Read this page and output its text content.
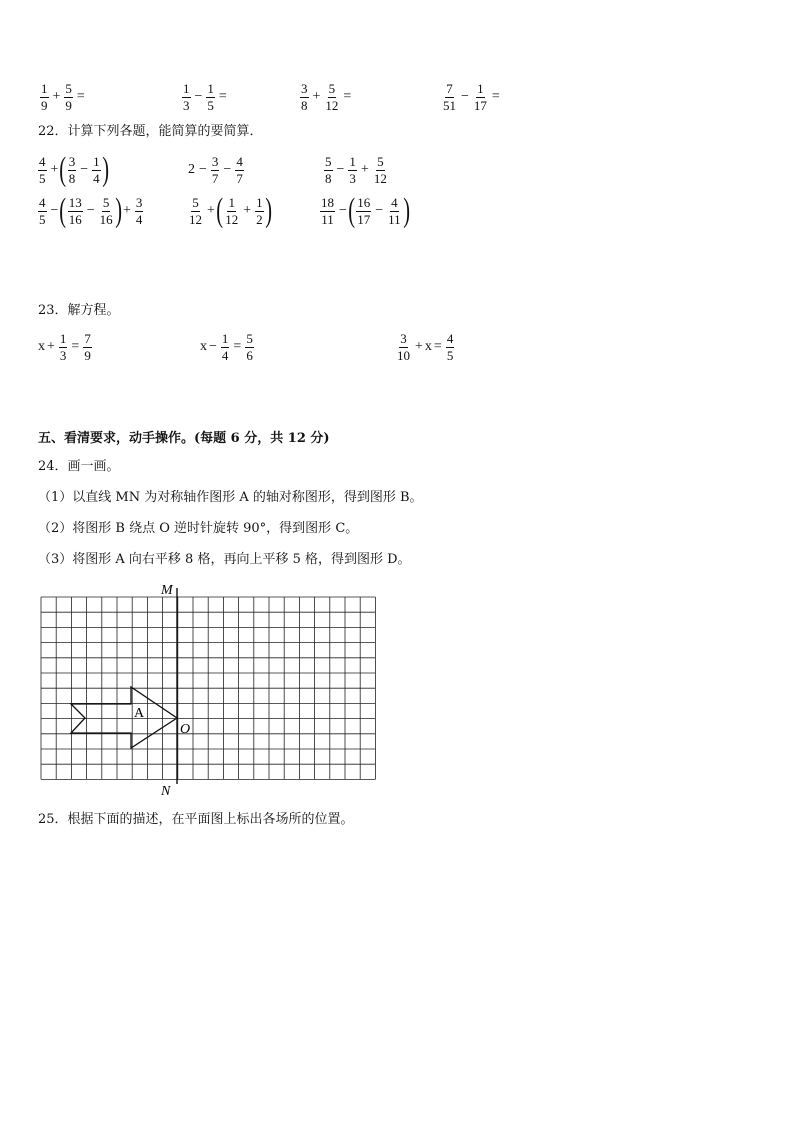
$\frac{1}{9} + \frac{5}{9}$ =	$\frac{1}{3} - \frac{1}{5}$ =	$\frac{3}{8} + \frac{5}{12}$ =	$\frac{7}{51} - \frac{1}{17}$ =
22．计算下列各题，能简算的要简算．
$\frac{4}{5}$ + ( $\frac{3}{8} - \frac{1}{4}$ )	$2 - \frac{3}{7} - \frac{4}{7}$	$\frac{5}{8} - \frac{1}{3} + \frac{5}{12}$
$\frac{4}{5}$ − ( $\frac{13}{16} - \frac{5}{16}$ ) + $\frac{3}{4}$	$\frac{5}{12}$ + ( $\frac{1}{12} + \frac{1}{2}$ )	$\frac{18}{11}$ − ( $\frac{16}{17} - \frac{4}{11}$ )
23．解方程。
$x + \frac{1}{3} = \frac{7}{9}$	$x - \frac{1}{4} = \frac{5}{6}$	$\frac{3}{10} + x = \frac{4}{5}$
五、看清要求，动手操作。(每题 6 分，共 12 分)
24．画一画。
（1）以直线 MN 为对称轴作图形 A 的轴对称图形，得到图形 B。
（2）将图形 B 绕点 O 逆时针旋转 90°，得到图形 C。
（3）将图形 A 向右平移 8 格，再向上平移 5 格，得到图形 D。
M
N
O
A
25．根据下面的描述，在平面图上标出各场所的位置。
